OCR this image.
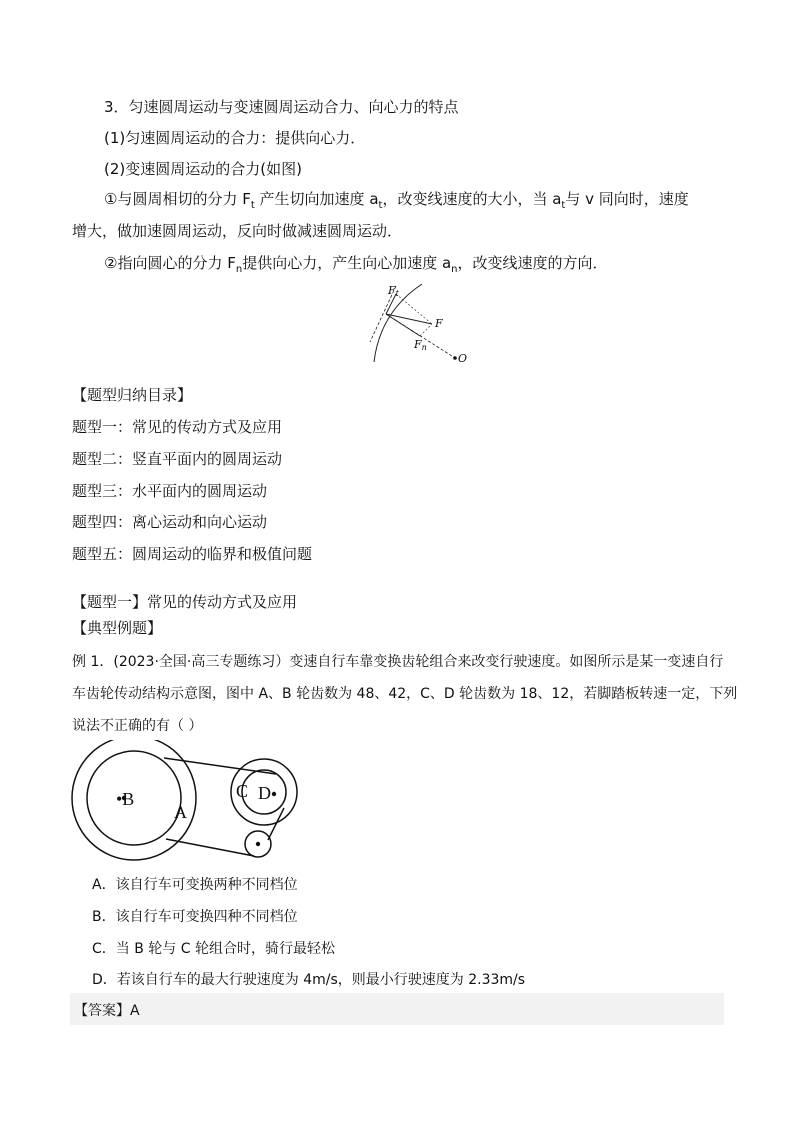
3．匀速圆周运动与变速圆周运动合力、向心力的特点
(1)匀速圆周运动的合力：提供向心力．
(2)变速圆周运动的合力(如图)
①与圆周相切的分力 $F_t$ 产生切向加速度 $a_t$，改变线速度的大小，当 $a_t$与 v 同向时，速度
增大，做加速圆周运动，反向时做减速圆周运动．
②指向圆心的分力 $F_n$提供向心力，产生向心加速度 $a_n$，改变线速度的方向．
Ft
F
Fn
O
【题型归纳目录】
题型一：常见的传动方式及应用
题型二：竖直平面内的圆周运动
题型三：水平面内的圆周运动
题型四：离心运动和向心运动
题型五：圆周运动的临界和极值问题
【题型一】常见的传动方式及应用
【典型例题】
例 1．(2023·全国·高三专题练习）变速自行车靠变换齿轮组合来改变行驶速度。如图所示是某一变速自行
车齿轮传动结构示意图，图中 A、B 轮齿数为 48、42，C、D 轮齿数为 18、12，若脚踏板转速一定，下列
说法不正确的有（ ）
•B
A
C D
A．该自行车可变换两种不同档位
B．该自行车可变换四种不同档位
C．当 B 轮与 C 轮组合时，骑行最轻松
D．若该自行车的最大行驶速度为 4m/s，则最小行驶速度为 2.33m/s
【答案】A
